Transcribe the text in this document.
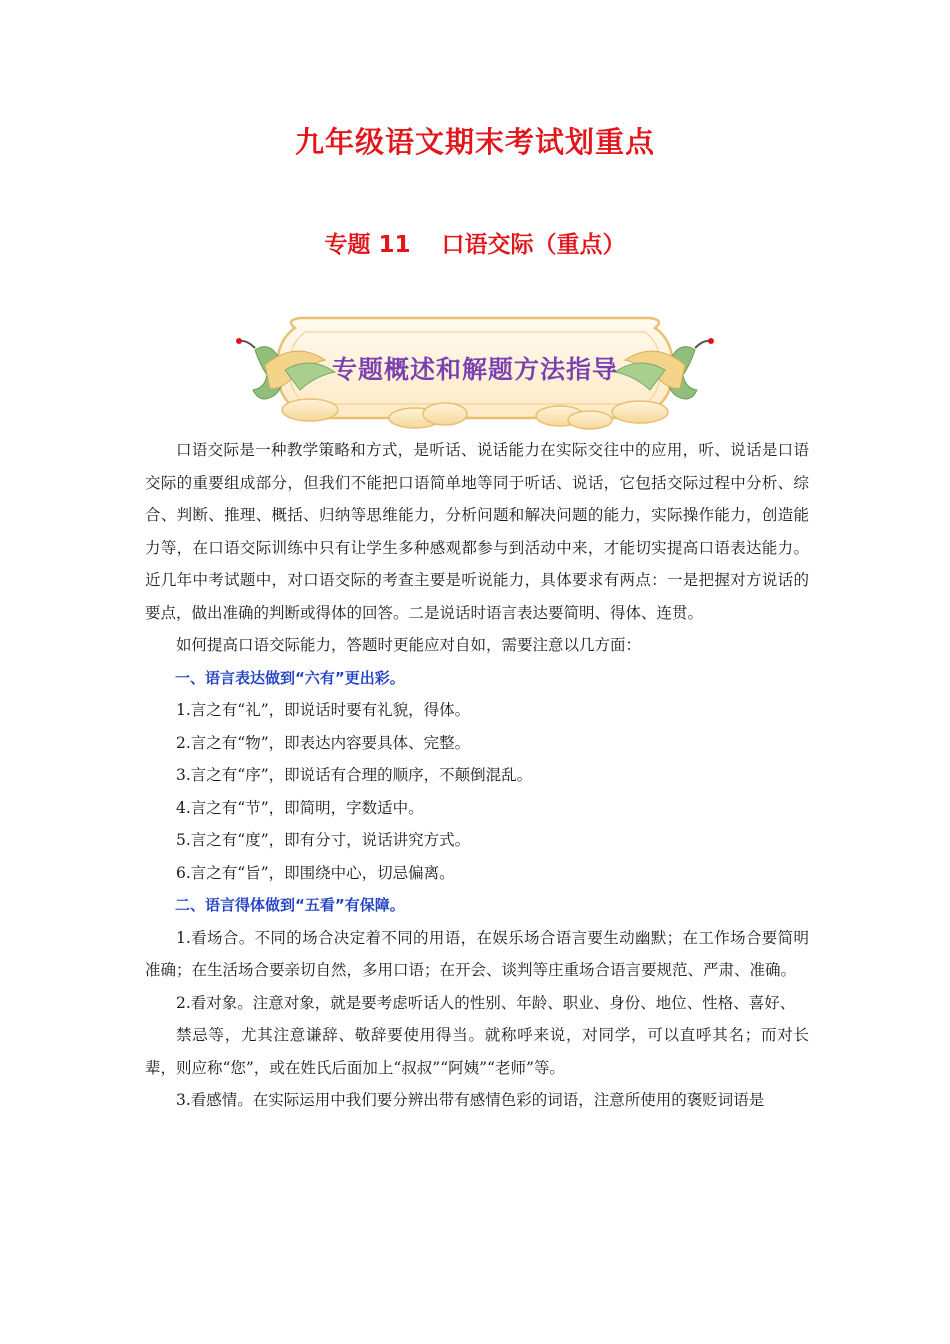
九年级语文期末考试划重点
专题 11　 口语交际（重点）
专题概述和解题方法指导

口语交际是一种教学策略和方式，是听话、说话能力在实际交往中的应用，听、说话是口语交际的重要组成部分，但我们不能把口语简单地等同于听话、说话，它包括交际过程中分析、综合、判断、推理、概括、归纳等思维能力，分析问题和解决问题的能力，实际操作能力，创造能力等，在口语交际训练中只有让学生多种感观都参与到活动中来，才能切实提高口语表达能力。近几年中考试题中，对口语交际的考查主要是听说能力，具体要求有两点：一是把握对方说话的要点，做出准确的判断或得体的回答。二是说话时语言表达要简明、得体、连贯。

如何提高口语交际能力，答题时更能应对自如，需要注意以几方面：

一、语言表达做到“六有”更出彩。

1.言之有“礼”，即说话时要有礼貌，得体。

2.言之有“物”，即表达内容要具体、完整。

3.言之有“序”，即说话有合理的顺序，不颠倒混乱。

4.言之有“节”，即简明，字数适中。

5.言之有“度”，即有分寸，说话讲究方式。

6.言之有“旨”，即围绕中心，切忌偏离。

二、语言得体做到“五看”有保障。

1.看场合。不同的场合决定着不同的用语，在娱乐场合语言要生动幽默；在工作场合要简明准确；在生活场合要亲切自然，多用口语；在开会、谈判等庄重场合语言要规范、严肃、准确。

2.看对象。注意对象，就是要考虑听话人的性别、年龄、职业、身份、地位、性格、喜好、

禁忌等，尤其注意谦辞、敬辞要使用得当。就称呼来说，对同学，可以直呼其名；而对长辈，则应称“您”，或在姓氏后面加上“叔叔”“阿姨”“老师”等。

3.看感情。在实际运用中我们要分辨出带有感情色彩的词语，注意所使用的褒贬词语是
